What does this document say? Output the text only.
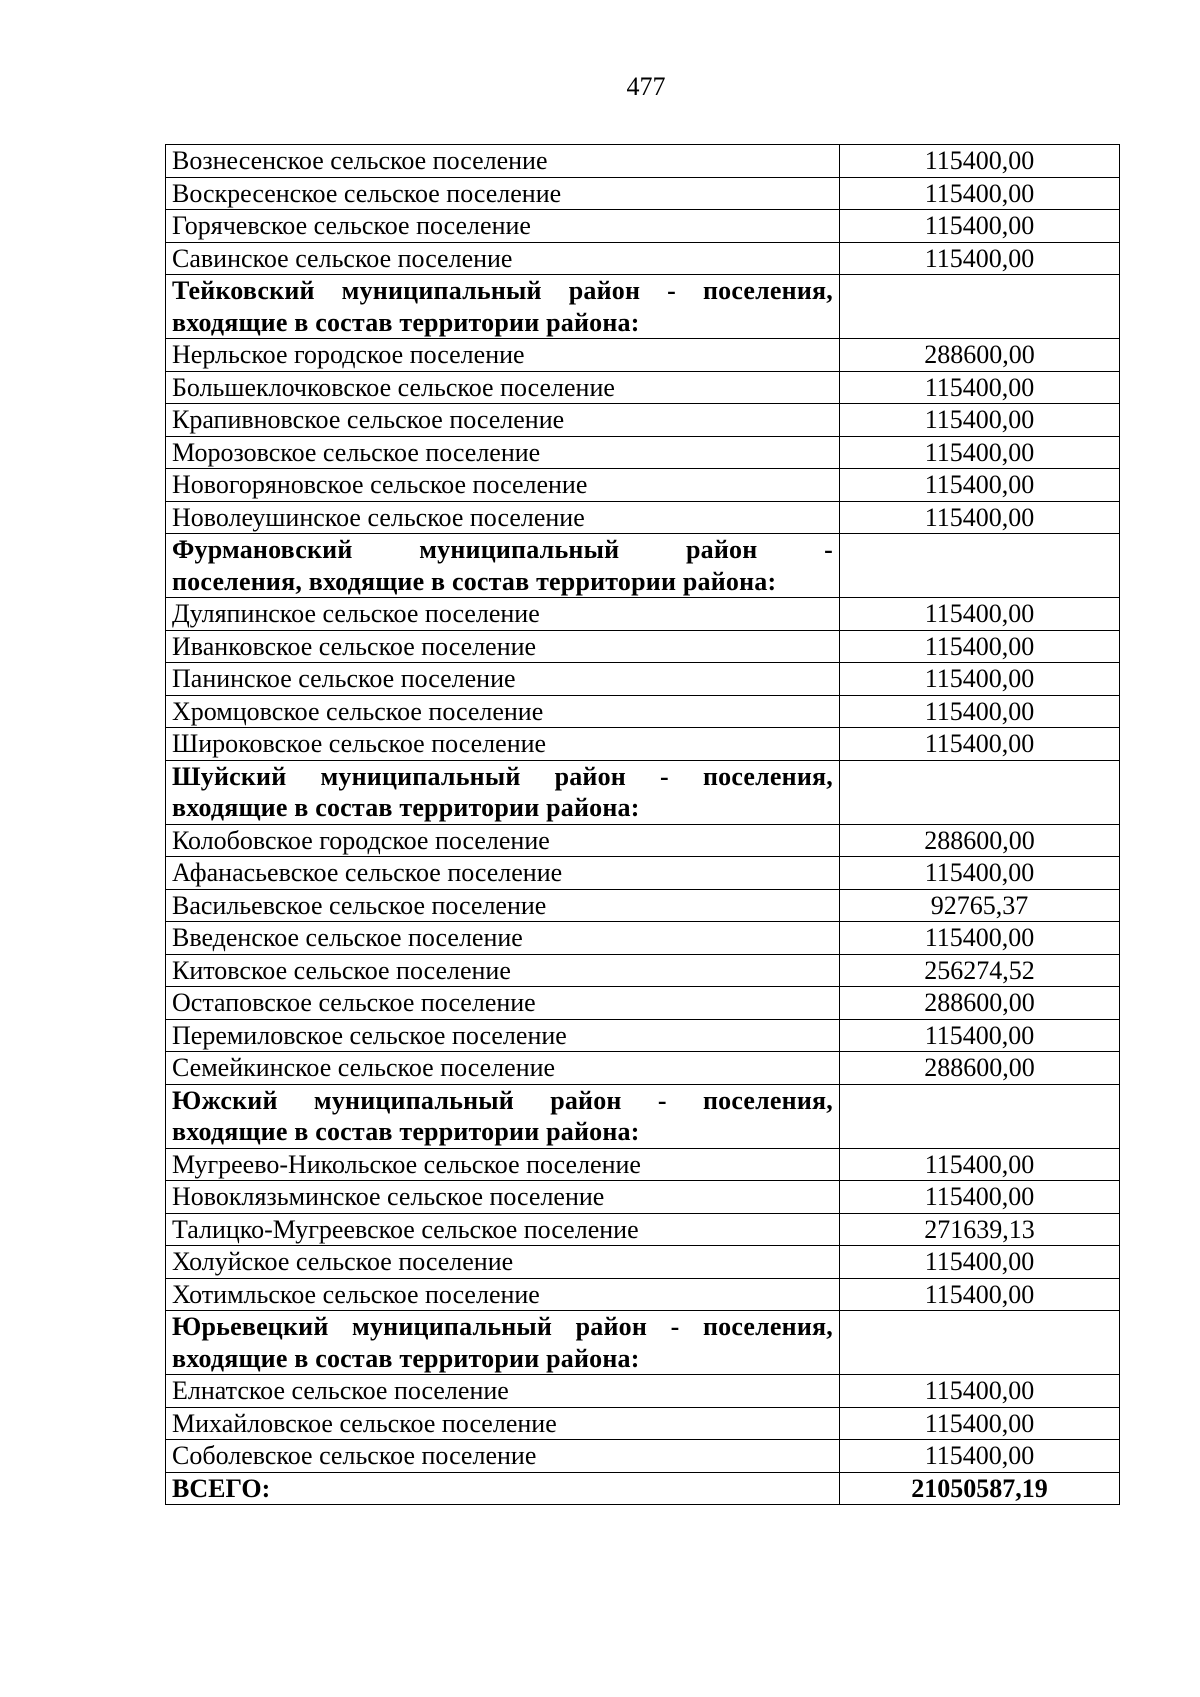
477
Вознесенское сельское поселение	115400,00
Воскресенское сельское поселение	115400,00
Горячевское сельское поселение	115400,00
Савинское сельское поселение	115400,00
Тейковский муниципальный район - поселения,
входящие в состав территории района:	

Нерльское городское поселение	288600,00
Большеклочковское сельское поселение	115400,00
Крапивновское сельское поселение	115400,00
Морозовское сельское поселение	115400,00
Новогоряновское сельское поселение	115400,00
Новолеушинское сельское поселение	115400,00
Фурмановский муниципальный район -
поселения, входящие в состав территории района:	

Дуляпинское сельское поселение	115400,00
Иванковское сельское поселение	115400,00
Панинское сельское поселение	115400,00
Хромцовское сельское поселение	115400,00
Широковское сельское поселение	115400,00
Шуйский муниципальный район - поселения,
входящие в состав территории района:	

Колобовское городское поселение	288600,00
Афанасьевское сельское поселение	115400,00
Васильевское сельское поселение	92765,37
Введенское сельское поселение	115400,00
Китовское сельское поселение	256274,52
Остаповское сельское поселение	288600,00
Перемиловское сельское поселение	115400,00
Семейкинское сельское поселение	288600,00
Южский муниципальный район - поселения,
входящие в состав территории района:	

Мугреево-Никольское сельское поселение	115400,00
Новоклязьминское сельское поселение	115400,00
Талицко-Мугреевское сельское поселение	271639,13
Холуйское сельское поселение	115400,00
Хотимльское сельское поселение	115400,00
Юрьевецкий муниципальный район - поселения,
входящие в состав территории района:	

Елнатское сельское поселение	115400,00
Михайловское сельское поселение	115400,00
Соболевское сельское поселение	115400,00
ВСЕГО:	21050587,19
